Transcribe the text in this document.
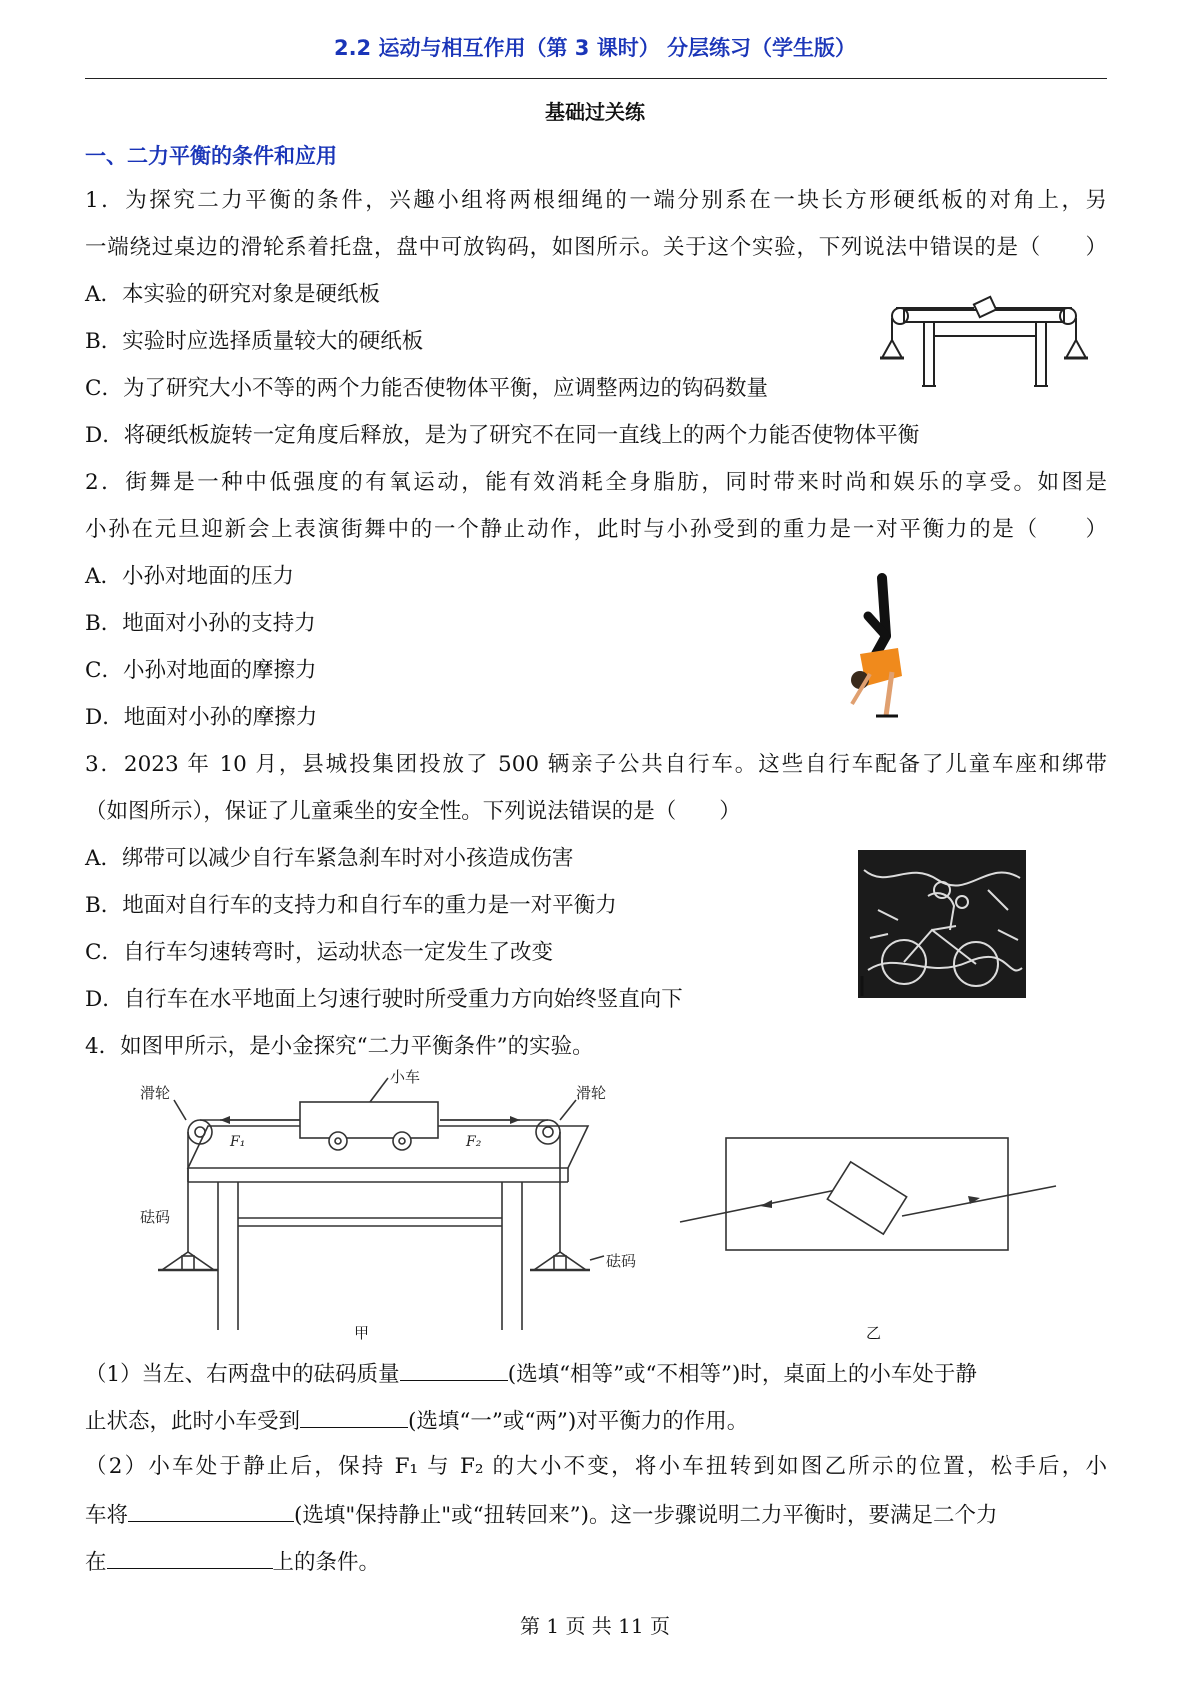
2.2 运动与相互作用（第 3 课时） 分层练习（学生版）
基础过关练
一、二力平衡的条件和应用
1．为探究二力平衡的条件，兴趣小组将两根细绳的一端分别系在一块长方形硬纸板的对角上，另
一端绕过桌边的滑轮系着托盘，盘中可放钩码，如图所示。关于这个实验，下列说法中错误的是（　　）
A．本实验的研究对象是硬纸板
B．实验时应选择质量较大的硬纸板
C．为了研究大小不等的两个力能否使物体平衡，应调整两边的钩码数量
D．将硬纸板旋转一定角度后释放，是为了研究不在同一直线上的两个力能否使物体平衡
2．街舞是一种中低强度的有氧运动，能有效消耗全身脂肪，同时带来时尚和娱乐的享受。如图是
小孙在元旦迎新会上表演街舞中的一个静止动作，此时与小孙受到的重力是一对平衡力的是（　　）
A．小孙对地面的压力
B．地面对小孙的支持力
C．小孙对地面的摩擦力
D．地面对小孙的摩擦力
3．2023 年 10 月，县城投集团投放了 500 辆亲子公共自行车。这些自行车配备了儿童车座和绑带
（如图所示），保证了儿童乘坐的安全性。下列说法错误的是（　　）
A．绑带可以减少自行车紧急刹车时对小孩造成伤害
B．地面对自行车的支持力和自行车的重力是一对平衡力
C．自行车匀速转弯时，运动状态一定发生了改变
D．自行车在水平地面上匀速行驶时所受重力方向始终竖直向下
4．如图甲所示，是小金探究“二力平衡条件”的实验。
小车
滑轮	滑轮
F₁	F₂
砝码
砝码
甲	乙
（1）当左、右两盘中的砝码质量	(选填“相等”或“不相等”)时，桌面上的小车处于静
止状态，此时小车受到	(选填“一”或“两”)对平衡力的作用。
（2）小车处于静止后，保持 F₁ 与 F₂ 的大小不变，将小车扭转到如图乙所示的位置，松手后，小
车将	(选填"保持静止"或“扭转回来”)。这一步骤说明二力平衡时，要满足二个力
在	上的条件。
第 1 页 共 11 页
